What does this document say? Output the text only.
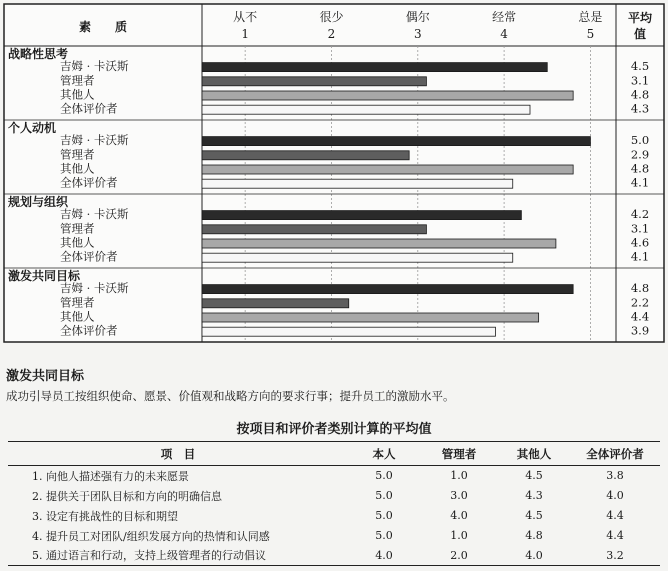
素　　质
从不
1
很少
2
偶尔
3
经常
4
总是
5
平均
值
战略性思考
吉姆 · 卡沃斯	4.5
管理者	3.1
其他人	4.8
全体评价者	4.3
个人动机
吉姆 · 卡沃斯	5.0
管理者	2.9
其他人	4.8
全体评价者	4.1
规划与组织
吉姆 · 卡沃斯	4.2
管理者	3.1
其他人	4.6
全体评价者	4.1
激发共同目标
吉姆 · 卡沃斯	4.8
管理者	2.2
其他人	4.4
全体评价者	3.9
激发共同目标
成功引导员工按组织使命、愿景、价值观和战略方向的要求行事；提升员工的激励水平。
按项目和评价者类别计算的平均值
项　目	本人	管理者	其他人	全体评价者
1. 向他人描述强有力的未来愿景	5.0	1.0	4.5	3.8
2. 提供关于团队目标和方向的明确信息	5.0	3.0	4.3	4.0
3. 设定有挑战性的目标和期望	5.0	4.0	4.5	4.4
4. 提升员工对团队/组织发展方向的热情和认同感	5.0	1.0	4.8	4.4
5. 通过语言和行动，支持上级管理者的行动倡议	4.0	2.0	4.0	3.2
